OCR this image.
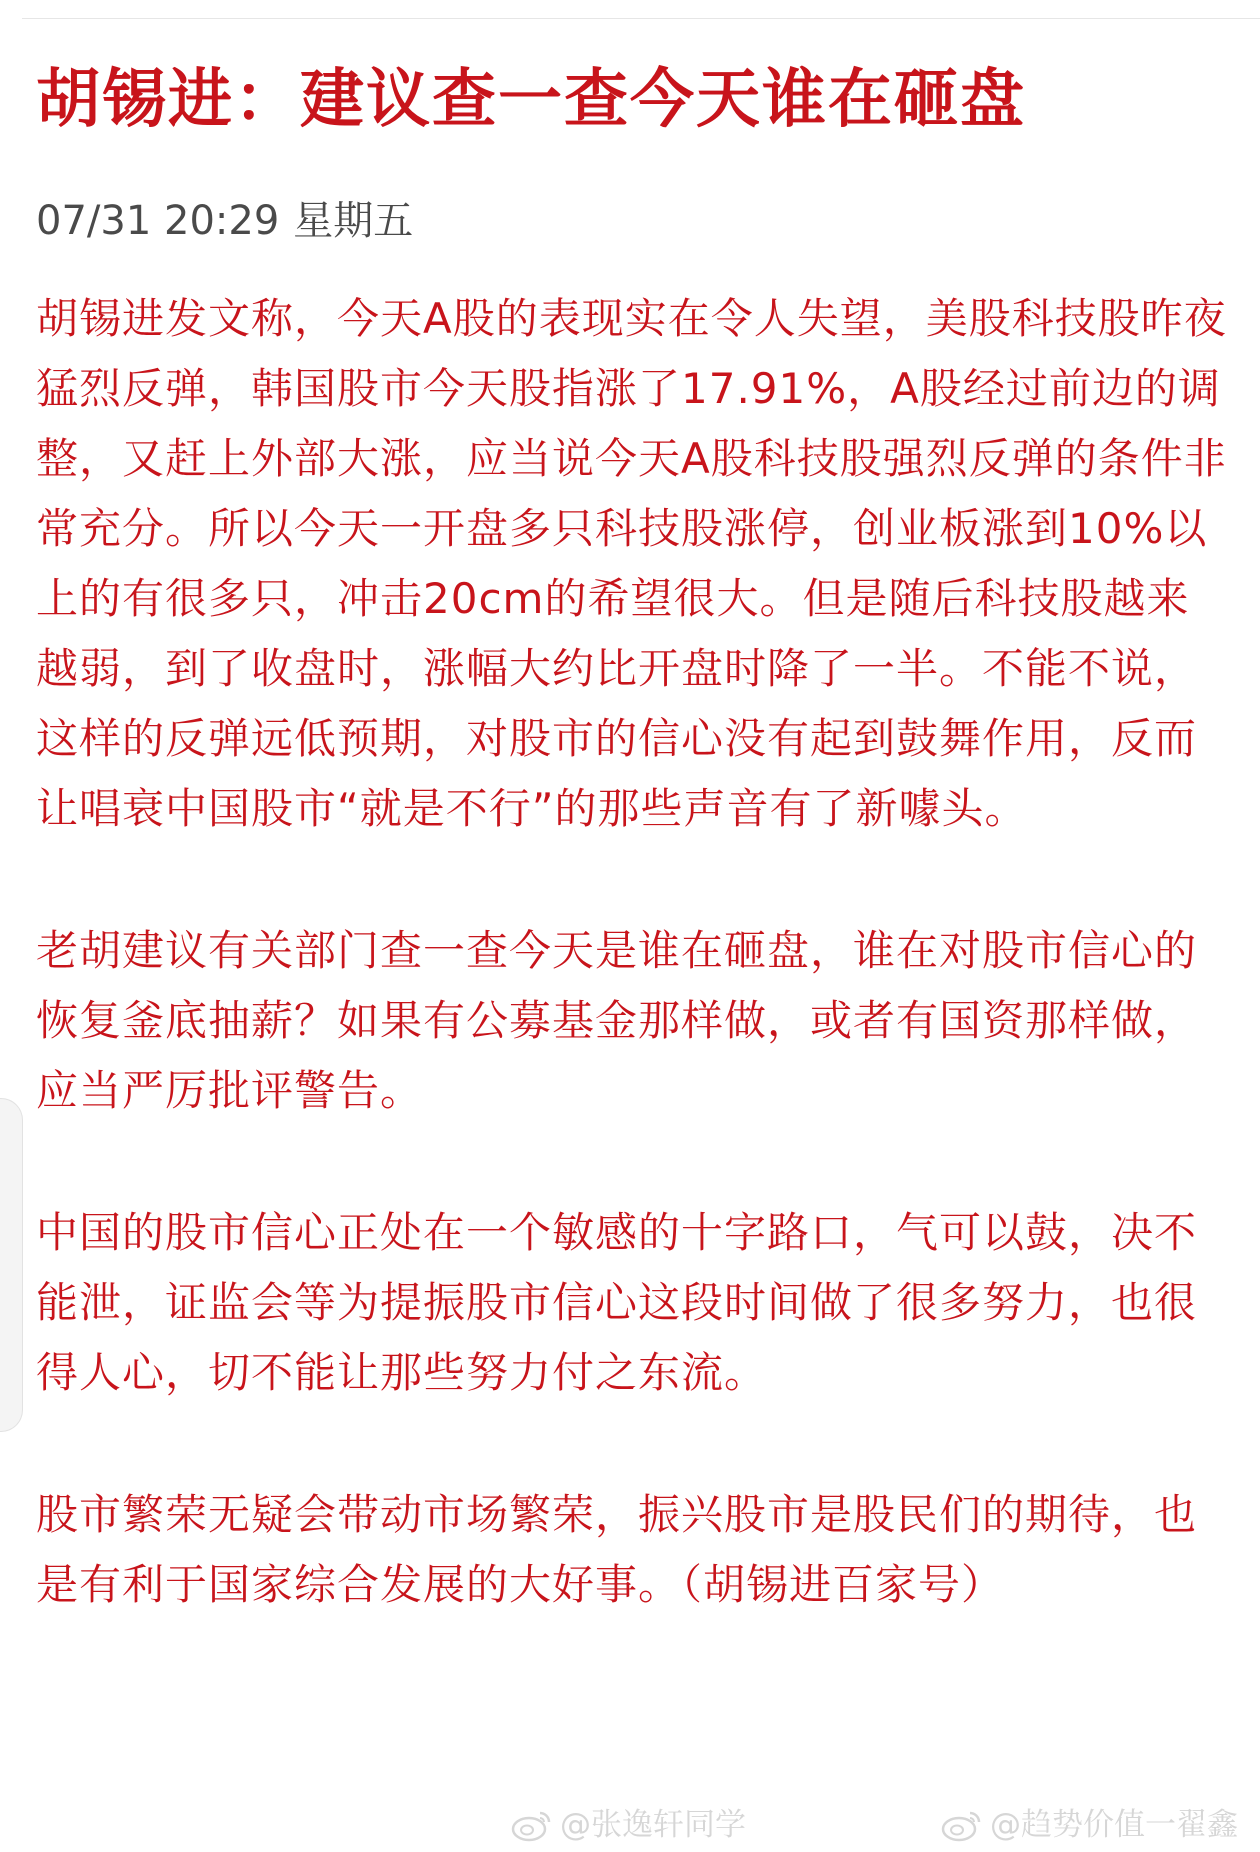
胡锡进：建议查一查今天谁在砸盘
07/31 20:29 星期五

胡锡进发文称，今天A股的表现实在令人失望，美股科技股昨夜猛烈反弹，韩国股市今天股指涨了17.91%，A股经过前边的调整，又赶上外部大涨，应当说今天A股科技股强烈反弹的条件非常充分。所以今天一开盘多只科技股涨停，创业板涨到10%以上的有很多只，冲击20cm的希望很大。但是随后科技股越来越弱，到了收盘时，涨幅大约比开盘时降了一半。不能不说，这样的反弹远低预期，对股市的信心没有起到鼓舞作用，反而让唱衰中国股市“就是不行”的那些声音有了新噱头。

老胡建议有关部门查一查今天是谁在砸盘，谁在对股市信心的恢复釜底抽薪？如果有公募基金那样做，或者有国资那样做，应当严厉批评警告。

中国的股市信心正处在一个敏感的十字路口，气可以鼓，决不能泄，证监会等为提振股市信心这段时间做了很多努力，也很得人心，切不能让那些努力付之东流。

股市繁荣无疑会带动市场繁荣，振兴股市是股民们的期待，也是有利于国家综合发展的大好事。（胡锡进百家号）

@张逸轩同学	@趋势价值一翟鑫
